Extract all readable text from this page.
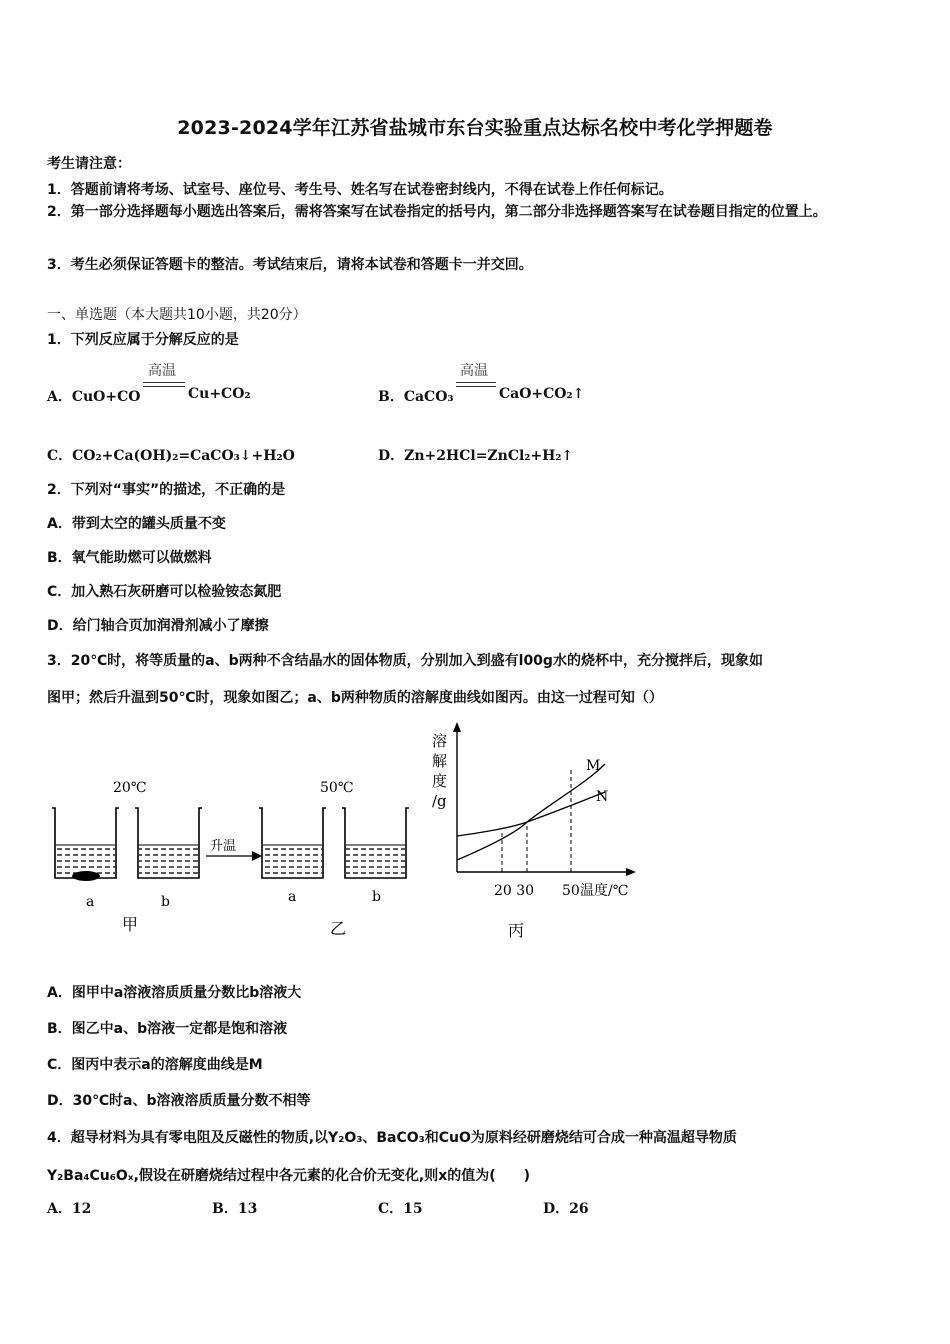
2023-2024学年江苏省盐城市东台实验重点达标名校中考化学押题卷
考生请注意：
1．答题前请将考场、试室号、座位号、考生号、姓名写在试卷密封线内，不得在试卷上作任何标记。
2．第一部分选择题每小题选出答案后，需将答案写在试卷指定的括号内，第二部分非选择题答案写在试卷题目指定的位置上。
3．考生必须保证答题卡的整洁。考试结束后，请将本试卷和答题卡一并交回。
一、单选题（本大题共10小题，共20分）
1．下列反应属于分解反应的是
高温
A．CuO+CO	Cu+CO₂
高温
B．CaCO₃	CaO+CO₂↑
C．CO₂+Ca(OH)₂=CaCO₃↓+H₂O	D．Zn+2HCl=ZnCl₂+H₂↑
2．下列对“事实”的描述，不正确的是
A．带到太空的罐头质量不变
B．氧气能助燃可以做燃料
C．加入熟石灰研磨可以检验铵态氮肥
D．给门轴合页加润滑剂减小了摩擦
3．20℃时，将等质量的a、b两种不含结晶水的固体物质，分别加入到盛有l00g水的烧杯中，充分搅拌后，现象如
图甲；然后升温到50℃时，现象如图乙；a、b两种物质的溶解度曲线如图丙。由这一过程可知（）
20℃
a	b
甲
升温
50℃
a	b
乙
溶
解
度
/g
M
N
20 30 50 温度/℃
丙
A．图甲中a溶液溶质质量分数比b溶液大
B．图乙中a、b溶液一定都是饱和溶液
C．图丙中表示a的溶解度曲线是M
D．30℃时a、b溶液溶质质量分数不相等
4．超导材料为具有零电阻及反磁性的物质,以Y₂O₃、BaCO₃和CuO为原料经研磨烧结可合成一种高温超导物质
Y₂Ba₄Cu₆Oₓ,假设在研磨烧结过程中各元素的化合价无变化,则x的值为(　　)
A．12	B．13	C．15	D．26
